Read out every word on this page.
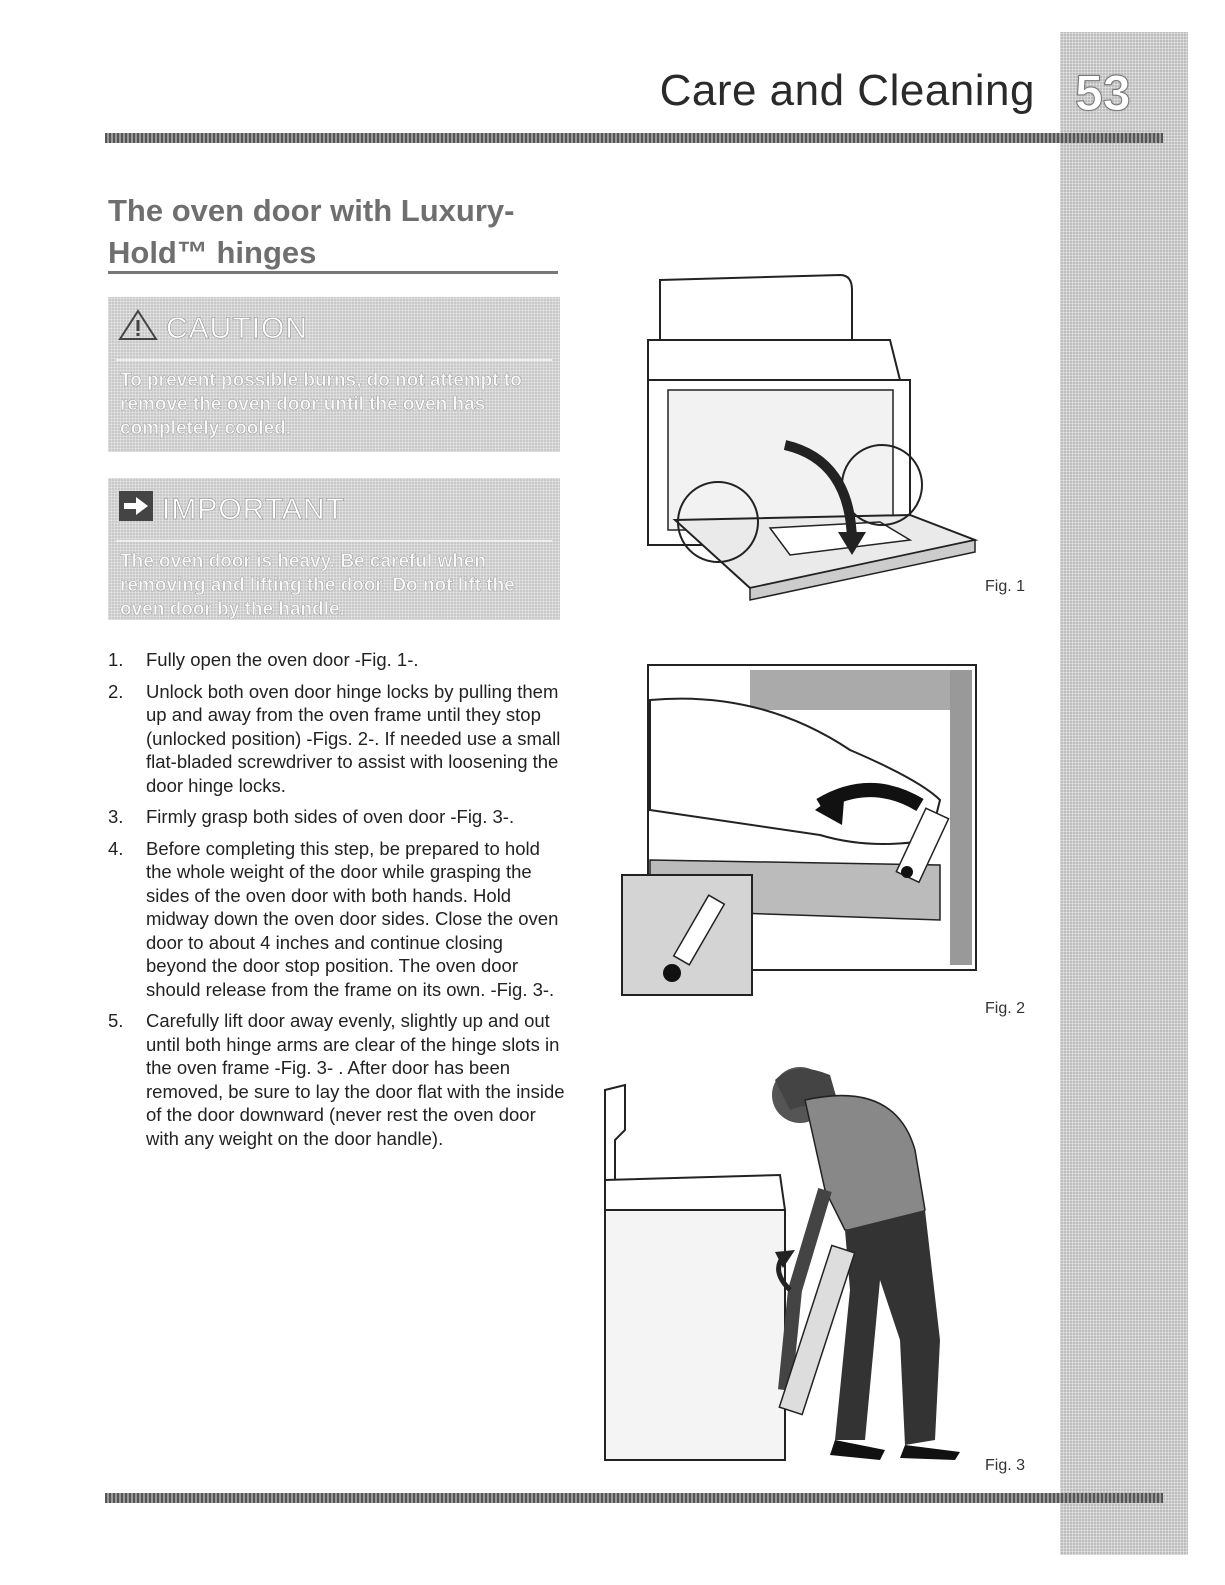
Care and Cleaning 53
The oven door with Luxury-Hold™ hinges
CAUTION
To prevent possible burns, do not attempt to remove the oven door until the oven has completely cooled.
IMPORTANT
The oven door is heavy. Be careful when removing and lifting the door. Do not lift the oven door by the handle.
1. Fully open the oven door -Fig. 1-.
2. Unlock both oven door hinge locks by pulling them up and away from the oven frame until they stop (unlocked position) -Figs. 2-. If needed use a small flat-bladed screwdriver to assist with loosening the door hinge locks.
3. Firmly grasp both sides of oven door -Fig. 3-.
4. Before completing this step, be prepared to hold the whole weight of the door while grasping the sides of the oven door with both hands. Hold midway down the oven door sides. Close the oven door to about 4 inches and continue closing beyond the door stop position. The oven door should release from the frame on its own. -Fig. 3-.
5. Carefully lift door away evenly, slightly up and out until both hinge arms are clear of the hinge slots in the oven frame -Fig. 3- . After door has been removed, be sure to lay the door flat with the inside of the door downward (never rest the oven door with any weight on the door handle).
Fig. 1
Fig. 2
Fig. 3
